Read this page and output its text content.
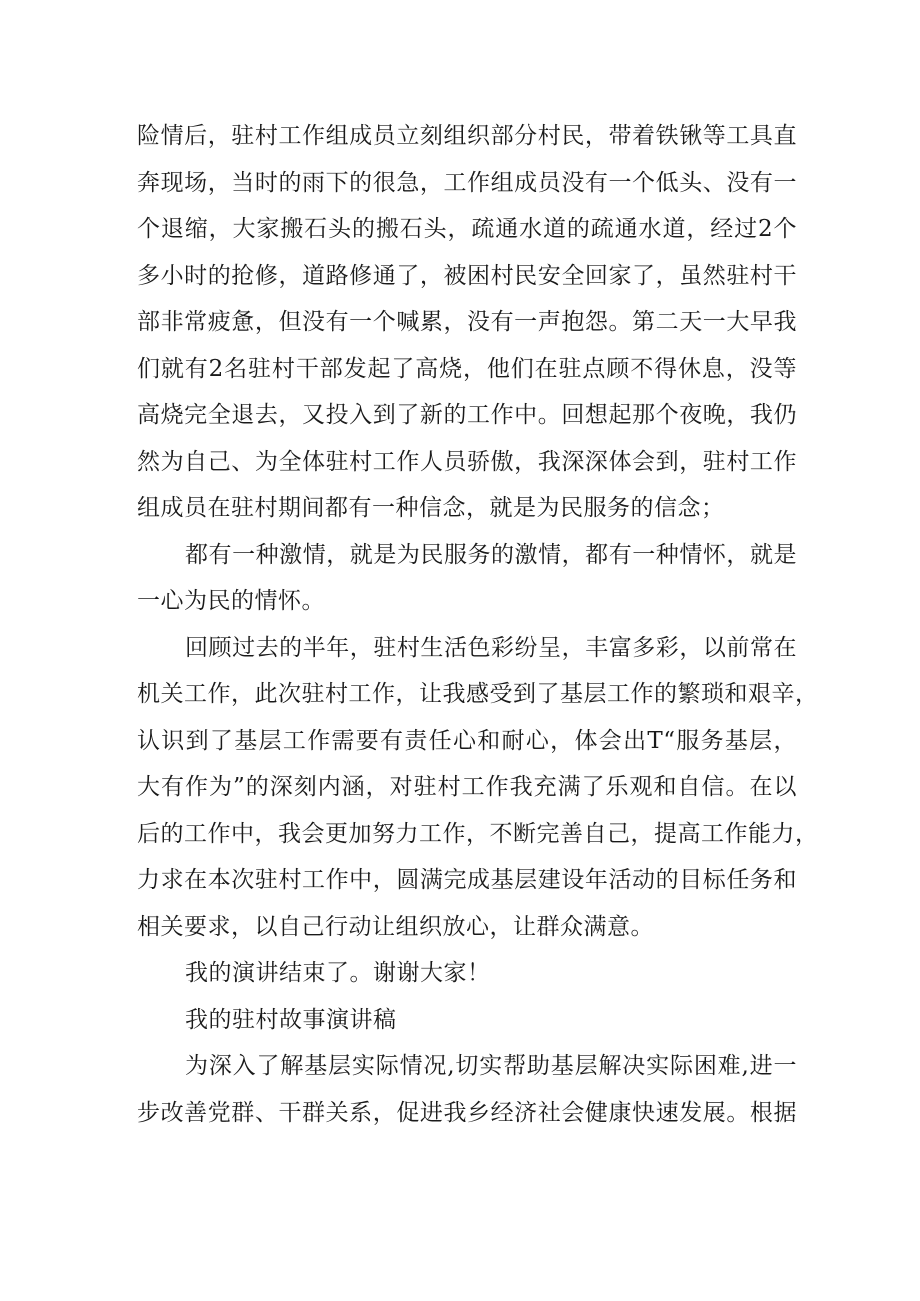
险情后，驻村工作组成员立刻组织部分村民，带着铁锹等工具直
奔现场，当时的雨下的很急，工作组成员没有一个低头、没有一
个退缩，大家搬石头的搬石头，疏通水道的疏通水道，经过2个
多小时的抢修，道路修通了，被困村民安全回家了，虽然驻村干
部非常疲惫，但没有一个喊累，没有一声抱怨。第二天一大早我
们就有2名驻村干部发起了高烧，他们在驻点顾不得休息，没等
高烧完全退去，又投入到了新的工作中。回想起那个夜晚，我仍
然为自己、为全体驻村工作人员骄傲，我深深体会到，驻村工作
组成员在驻村期间都有一种信念，就是为民服务的信念；
都有一种激情，就是为民服务的激情，都有一种情怀，就是
一心为民的情怀。
回顾过去的半年，驻村生活色彩纷呈，丰富多彩，以前常在
机关工作，此次驻村工作，让我感受到了基层工作的繁琐和艰辛，
认识到了基层工作需要有责任心和耐心，体会出T“服务基层，
大有作为”的深刻内涵，对驻村工作我充满了乐观和自信。在以
后的工作中，我会更加努力工作，不断完善自己，提高工作能力，
力求在本次驻村工作中，圆满完成基层建设年活动的目标任务和
相关要求，以自己行动让组织放心，让群众满意。
我的演讲结束了。谢谢大家！
我的驻村故事演讲稿
为深入了解基层实际情况,切实帮助基层解决实际困难,进一
步改善党群、干群关系，促进我乡经济社会健康快速发展。根据
